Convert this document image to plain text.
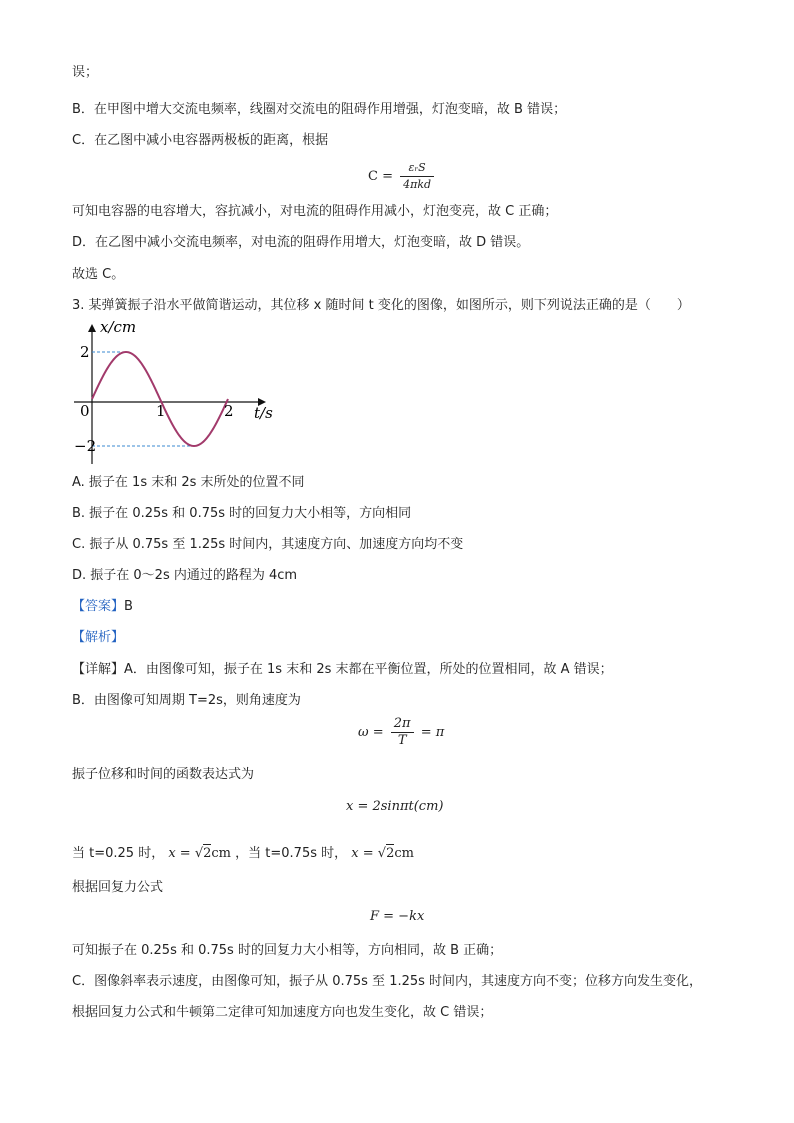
误；
B．在甲图中增大交流电频率，线圈对交流电的阻碍作用增强，灯泡变暗，故 B 错误；
C．在乙图中减小电容器两极板的距离，根据
$C = \frac{\text{εᵣS}}{\text{4πkd}}$
可知电容器的电容增大，容抗减小，对电流的阻碍作用减小，灯泡变亮，故 C 正确；
D．在乙图中减小交流电频率，对电流的阻碍作用增大，灯泡变暗，故 D 错误。
故选 C。
3. 某弹簧振子沿水平做简谐运动，其位移 x 随时间 t 变化的图像，如图所示，则下列说法正确的是（　　）
x/cm
t/s
2
−2
0	1	2
A. 振子在 1s 末和 2s 末所处的位置不同
B. 振子在 0.25s 和 0.75s 时的回复力大小相等，方向相同
C. 振子从 0.75s 至 1.25s 时间内，其速度方向、加速度方向均不变
D. 振子在 0～2s 内通过的路程为 4cm
【答案】B
【解析】
【详解】A．由图像可知，振子在 1s 末和 2s 末都在平衡位置，所处的位置相同，故 A 错误；
B．由图像可知周期 T=2s，则角速度为
$\omega = \frac{2\pi}{T} = \pi$
振子位移和时间的函数表达式为
x = 2sinπt(cm)
当 t=0.25 时， x = √2cm ，当 t=0.75s 时， x = √2cm
根据回复力公式
F = −kx
可知振子在 0.25s 和 0.75s 时的回复力大小相等，方向相同，故 B 正确；
C．图像斜率表示速度，由图像可知，振子从 0.75s 至 1.25s 时间内，其速度方向不变；位移方向发生变化，
根据回复力公式和牛顿第二定律可知加速度方向也发生变化，故 C 错误；
